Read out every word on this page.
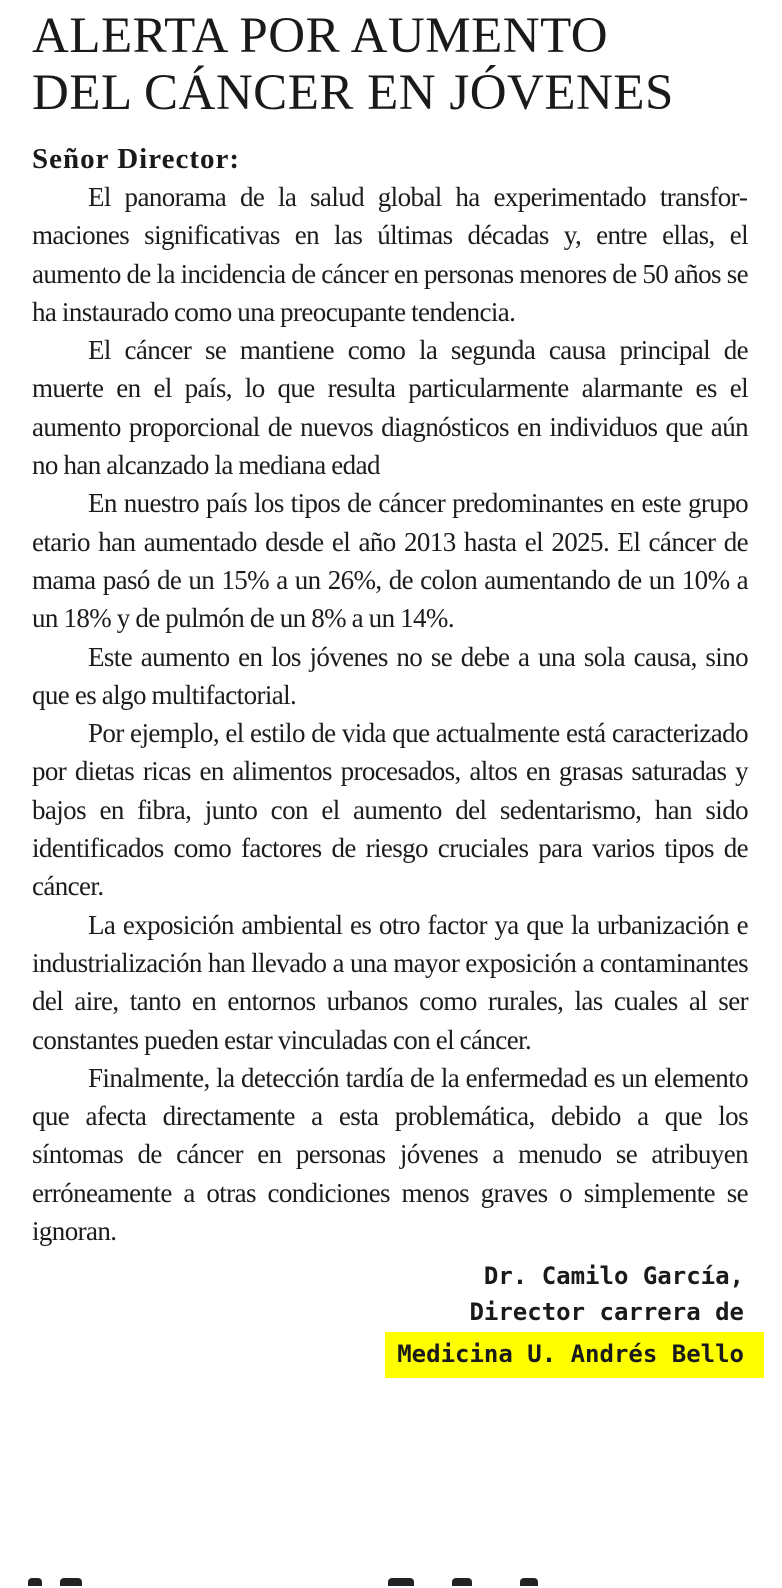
ALERTA POR AUMENTO
DEL CÁNCER EN JÓVENES
Señor Director:

El panorama de la salud global ha experimentado transformaciones significativas en las últimas décadas y, entre ellas, el aumento de la incidencia de cáncer en personas menores de 50 años se ha instaurado como una preocupante tendencia.

El cáncer se mantiene como la segunda causa principal de muerte en el país, lo que resulta particularmente alarmante es el aumento proporcional de nuevos diagnósticos en individuos que aún no han alcanzado la mediana edad

En nuestro país los tipos de cáncer predominantes en este grupo etario han aumentado desde el año 2013 hasta el 2025. El cáncer de mama pasó de un 15% a un 26%, de colon aumentando de un 10% a un 18% y de pulmón de un 8% a un 14%.

Este aumento en los jóvenes no se debe a una sola causa, sino que es algo multifactorial.

Por ejemplo, el estilo de vida que actualmente está caracterizado por dietas ricas en alimentos procesados, altos en grasas saturadas y bajos en fibra, junto con el aumento del sedentarismo, han sido identificados como factores de riesgo cruciales para varios tipos de cáncer.

La exposición ambiental es otro factor ya que la urbanización e industrialización han llevado a una mayor exposición a contaminantes del aire, tanto en entornos urbanos como rurales, las cuales al ser constantes pueden estar vinculadas con el cáncer.

Finalmente, la detección tardía de la enfermedad es un elemento que afecta directamente a esta problemática, debido a que los síntomas de cáncer en personas jóvenes a menudo se atribuyen erróneamente a otras condiciones menos graves o simplemente se ignoran.

Dr. Camilo García,
Director carrera de
Medicina U. Andrés Bello
